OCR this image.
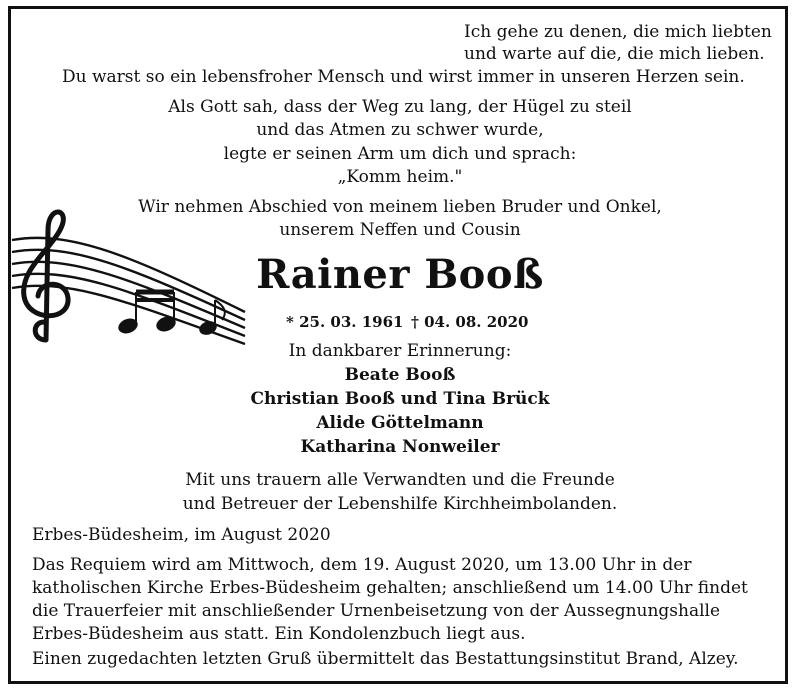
Ich gehe zu denen, die mich liebten
und warte auf die, die mich lieben.
Du warst so ein lebensfroher Mensch und wirst immer in unseren Herzen sein.
Als Gott sah, dass der Weg zu lang, der Hügel zu steil
und das Atmen zu schwer wurde,
legte er seinen Arm um dich und sprach:
„Komm heim."
Wir nehmen Abschied von meinem lieben Bruder und Onkel,
unserem Neffen und Cousin
Rainer Booß
* 25. 03. 1961 † 04. 08. 2020
In dankbarer Erinnerung:
Beate Booß
Christian Booß und Tina Brück
Alide Göttelmann
Katharina Nonweiler
Mit uns trauern alle Verwandten und die Freunde
und Betreuer der Lebenshilfe Kirchheimbolanden.
Erbes-Büdesheim, im August 2020
Das Requiem wird am Mittwoch, dem 19. August 2020, um 13.00 Uhr in der
katholischen Kirche Erbes-Büdesheim gehalten; anschließend um 14.00 Uhr findet
die Trauerfeier mit anschließender Urnenbeisetzung von der Aussegnungshalle
Erbes-Büdesheim aus statt. Ein Kondolenzbuch liegt aus.
Einen zugedachten letzten Gruß übermittelt das Bestattungsinstitut Brand, Alzey.
